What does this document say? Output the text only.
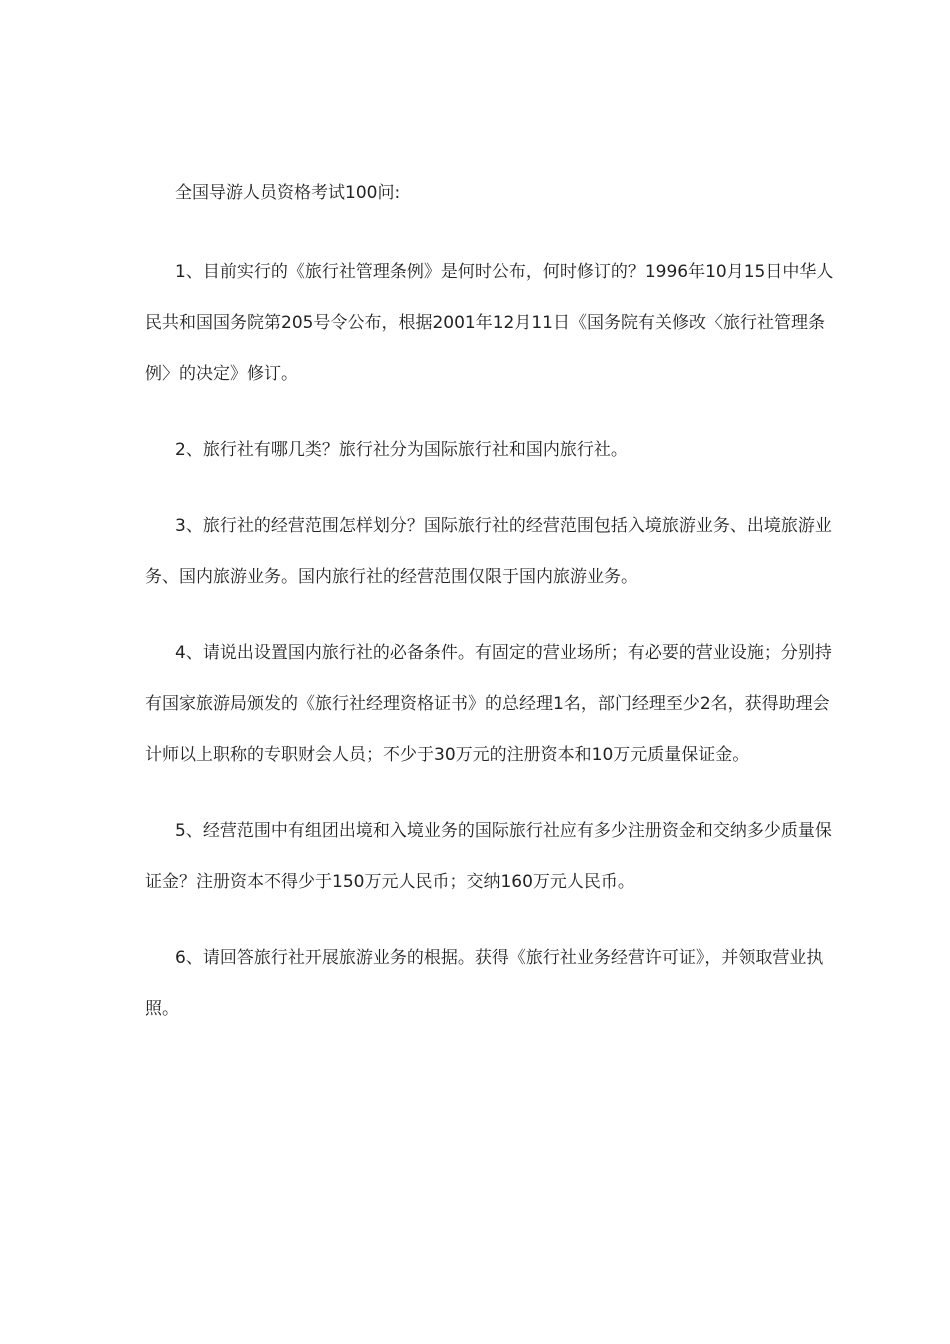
全国导游人员资格考试100问:

1、目前实行的《旅行社管理条例》是何时公布，何时修订的？1996年10月15日中华人民共和国国务院第205号令公布，根据2001年12月11日《国务院有关修改〈旅行社管理条例〉的决定》修订。

2、旅行社有哪几类？旅行社分为国际旅行社和国内旅行社。

3、旅行社的经营范围怎样划分？国际旅行社的经营范围包括入境旅游业务、出境旅游业务、国内旅游业务。国内旅行社的经营范围仅限于国内旅游业务。

4、请说出设置国内旅行社的必备条件。有固定的营业场所；有必要的营业设施；分别持有国家旅游局颁发的《旅行社经理资格证书》的总经理1名，部门经理至少2名，获得助理会计师以上职称的专职财会人员；不少于30万元的注册资本和10万元质量保证金。

5、经营范围中有组团出境和入境业务的国际旅行社应有多少注册资金和交纳多少质量保证金？注册资本不得少于150万元人民币；交纳160万元人民币。

6、请回答旅行社开展旅游业务的根据。获得《旅行社业务经营许可证》，并领取营业执照。
